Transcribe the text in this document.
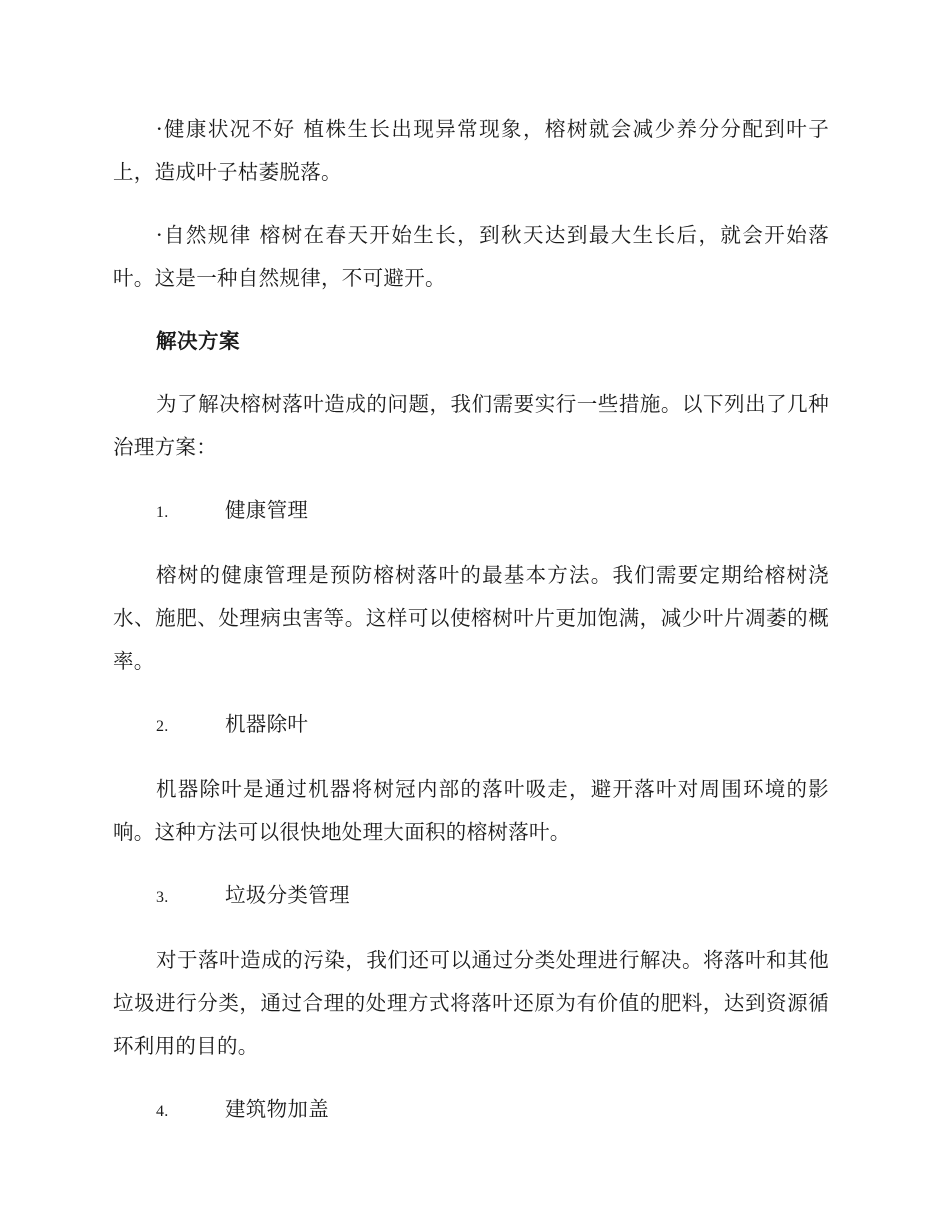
·健康状况不好 植株生长出现异常现象，榕树就会减少养分分配到叶子上，造成叶子枯萎脱落。

·自然规律 榕树在春天开始生长，到秋天达到最大生长后，就会开始落叶。这是一种自然规律，不可避开。

解决方案

为了解决榕树落叶造成的问题，我们需要实行一些措施。以下列出了几种治理方案：

1.	健康管理

榕树的健康管理是预防榕树落叶的最基本方法。我们需要定期给榕树浇水、施肥、处理病虫害等。这样可以使榕树叶片更加饱满，减少叶片凋萎的概率。

2.	机器除叶

机器除叶是通过机器将树冠内部的落叶吸走，避开落叶对周围环境的影响。这种方法可以很快地处理大面积的榕树落叶。

3.	垃圾分类管理

对于落叶造成的污染，我们还可以通过分类处理进行解决。将落叶和其他垃圾进行分类，通过合理的处理方式将落叶还原为有价值的肥料，达到资源循环利用的目的。

4.	建筑物加盖
